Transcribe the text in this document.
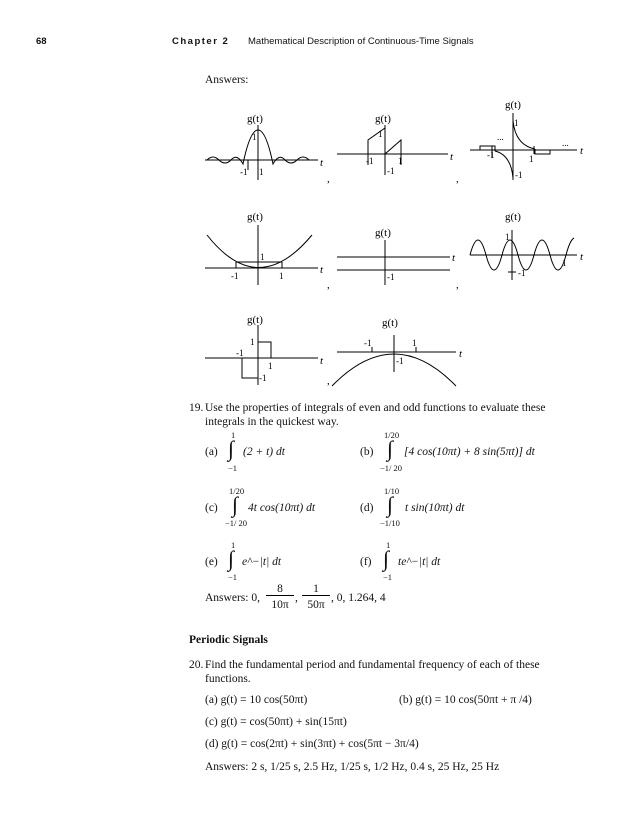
68	Chapter 2 Mathematical Description of Continuous-Time Signals
Answers:
g(t)
t
1
-1 1
,
g(t)
t
1
-1	1
-1
,
g(t)
t
1
...
...
-1	1
-1
g(t)
t
1
-1	1
,
g(t)
t
-1
,
g(t)
t
1
1
-1
g(t)
t
1
-1
1
-1	,
g(t)
t
-1	1
-1
19. Use the properties of integrals of even and odd functions to evaluate these
integrals in the quickest way.
(a)
1
∫
−1
(2 + t) dt	(b)
1/20
∫
−1/ 20
[4 cos(10πt) + 8 sin(5πt)] dt
(c)
1/20
∫
−1/ 20
4t cos(10πt) dt	(d)
1/10
∫
−1/10
t sin(10πt) dt
(e)
1
∫
−1
e^−|t| dt	(f)
1
∫
−1
te^−|t| dt
Answers: 0,
8
10π
,
1
50π
, 0, 1.264, 4
Periodic Signals
20. Find the fundamental period and fundamental frequency of each of these
functions.
(a) g(t) = 10 cos(50πt)	(b) g(t) = 10 cos(50πt + π /4)
(c) g(t) = cos(50πt) + sin(15πt)
(d) g(t) = cos(2πt) + sin(3πt) + cos(5πt − 3π/4)
Answers: 2 s, 1/25 s, 2.5 Hz, 1/25 s, 1/2 Hz, 0.4 s, 25 Hz, 25 Hz
